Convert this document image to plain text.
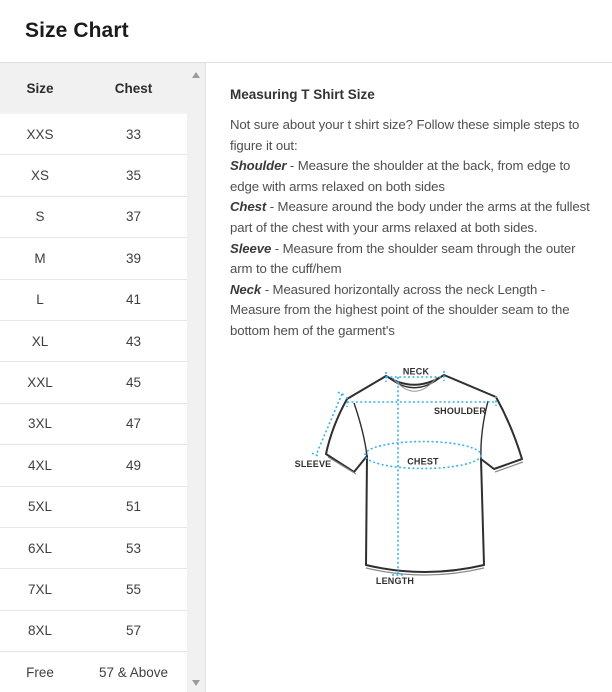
Size Chart
Size	Chest
XXS	33
XS	35
S	37
M	39
L	41
XL	43
XXL	45
3XL	47
4XL	49
5XL	51
6XL	53
7XL	55
8XL	57
Free	57 & Above
Measuring T Shirt Size
Not sure about your t shirt size? Follow these simple steps to figure it out:
Shoulder - Measure the shoulder at the back, from edge to edge with arms relaxed on both sides
Chest - Measure around the body under the arms at the fullest part of the chest with your arms relaxed at both sides.
Sleeve - Measure from the shoulder seam through the outer arm to the cuff/hem
Neck - Measured horizontally across the neck Length - Measure from the highest point of the shoulder seam to the bottom hem of the garment's
NECK
SHOULDER
SLEEVE	CHEST
LENGTH
